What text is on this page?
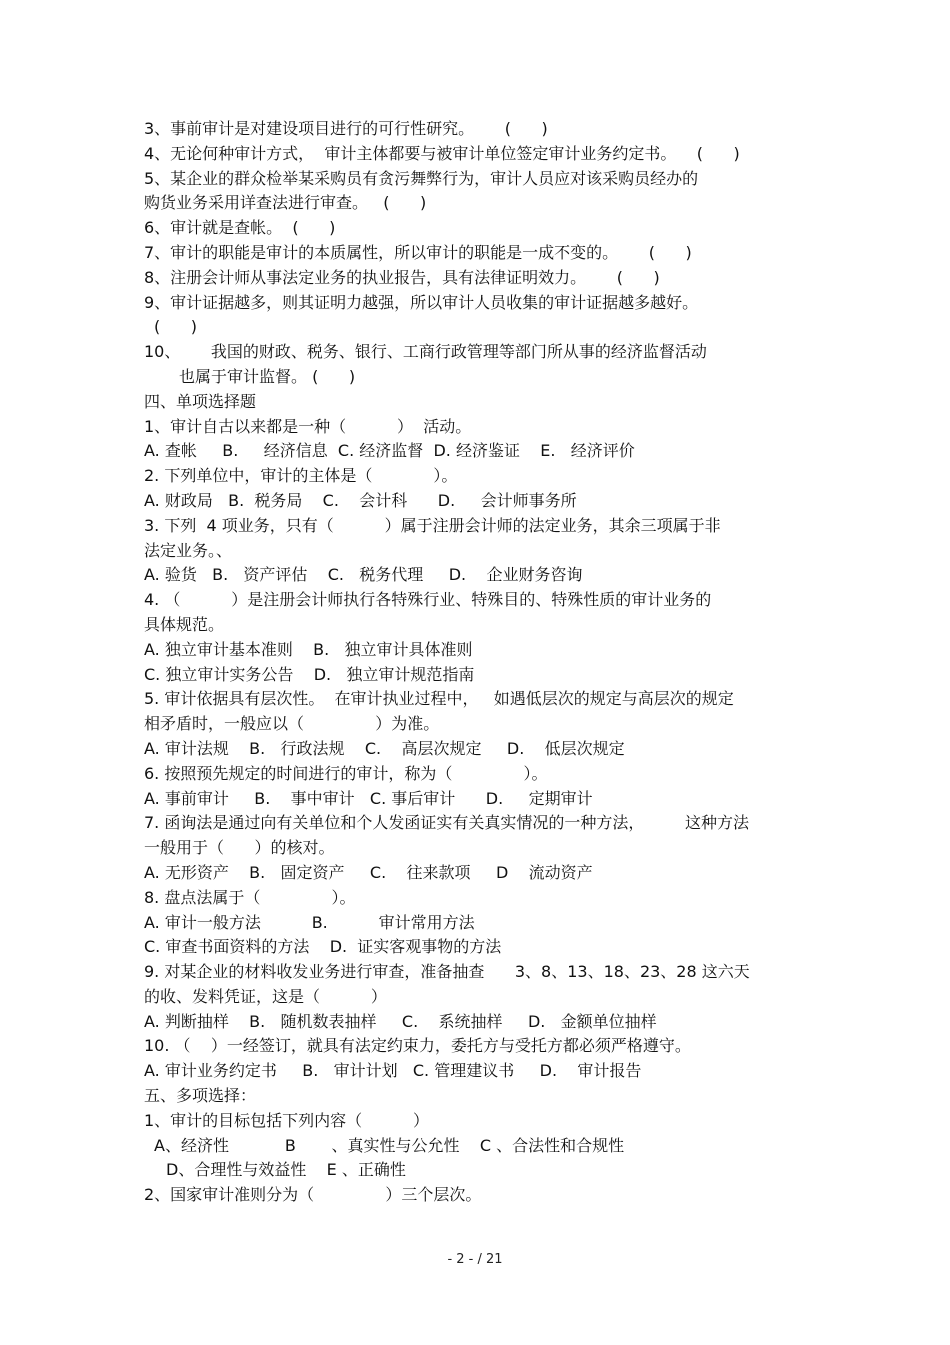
3、事前审计是对建设项目进行的可行性研究。      (      )
4、无论何种审计方式，  审计主体都要与被审计单位签定审计业务约定书。    (      )
5、某企业的群众检举某采购员有贪污舞弊行为，审计人员应对该采购员经办的
购货业务采用详查法进行审查。   (      )
6、审计就是查帐。  (      )
7、审计的职能是审计的本质属性，所以审计的职能是一成不变的。      (      )
8、注册会计师从事法定业务的执业报告，具有法律证明效力。      (      )
9、审计证据越多，则其证明力越强，所以审计人员收集的审计证据越多越好。
(      )
10、      我国的财政、税务、银行、工商行政管理等部门所从事的经济监督活动
也属于审计监督。 (      )
四、单项选择题
1、审计自古以来都是一种（          ）  活动。
A. 查帐     B.     经济信息  C. 经济监督  D. 经济鉴证    E.   经济评价
2. 下列单位中，审计的主体是（            ）。
A. 财政局   B.  税务局    C.    会计科      D.     会计师事务所
3. 下列  4 项业务，只有（          ）属于注册会计师的法定业务，其余三项属于非
法定业务。、
A. 验货   B.   资产评估    C.   税务代理     D.    企业财务咨询
4. （          ）是注册会计师执行各特殊行业、特殊目的、特殊性质的审计业务的
具体规范。
A. 独立审计基本准则    B.   独立审计具体准则
C. 独立审计实务公告    D.   独立审计规范指南
5. 审计依据具有层次性。  在审计执业过程中，   如遇低层次的规定与高层次的规定
相矛盾时，一般应以（              ）为准。
A. 审计法规    B.   行政法规    C.    高层次规定     D.    低层次规定
6. 按照预先规定的时间进行的审计，称为（              ）。
A. 事前审计     B.    事中审计   C. 事后审计      D.     定期审计
7. 函询法是通过向有关单位和个人发函证实有关真实情况的一种方法，        这种方法
一般用于（      ）的核对。
A. 无形资产    B.   固定资产     C.    往来款项     D    流动资产
8. 盘点法属于（              ）。
A. 审计一般方法          B.          审计常用方法
C. 审查书面资料的方法    D.  证实客观事物的方法
9. 对某企业的材料收发业务进行审查，准备抽查      3、8、13、18、23、28 这六天
的收、发料凭证，这是（          ）
A. 判断抽样    B.   随机数表抽样     C.    系统抽样     D.   金额单位抽样
10. （    ）一经签订，就具有法定约束力，委托方与受托方都必须严格遵守。
A. 审计业务约定书     B.   审计计划   C. 管理建议书     D.    审计报告
五、多项选择：
1、审计的目标包括下列内容（          ）
A、经济性           B       、真实性与公允性    C 、合法性和合规性
D、合理性与效益性    E 、正确性
2、国家审计准则分为（              ）三个层次。
- 2 - / 21
